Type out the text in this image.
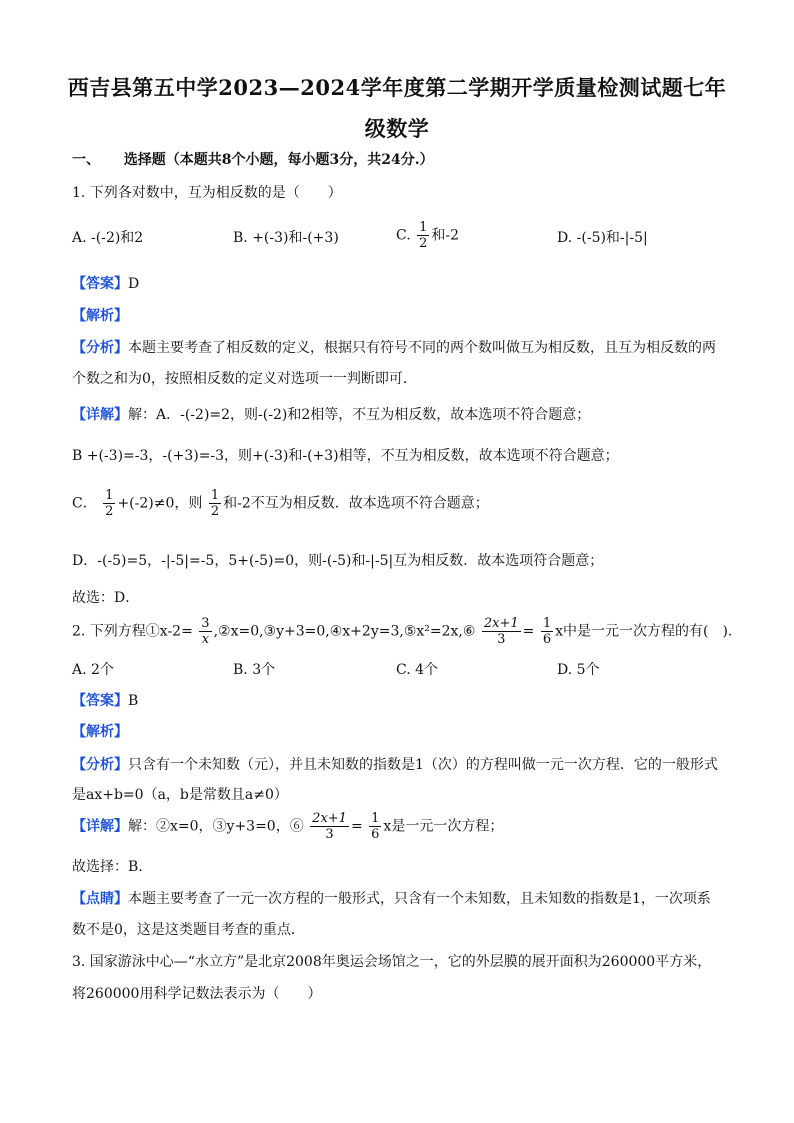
西吉县第五中学2023—2024学年度第二学期开学质量检测试题七年
级数学
一、 选择题（本题共8个小题，每小题3分，共24分.）
1. 下列各对数中，互为相反数的是（　　）
A. -(-2)和2	B. +(-3)和-(+3)	C. $\frac{1}{2}$ 和-2	D. -(-5)和-|-5|
【答案】D
【解析】
【分析】本题主要考查了相反数的定义，根据只有符号不同的两个数叫做互为相反数，且互为相反数的两
个数之和为0，按照相反数的定义对选项一一判断即可．
【详解】解：A．-(-2)=2，则-(-2)和2相等，不互为相反数，故本选项不符合题意；
B +(-3)=-3，-(+3)=-3，则+(-3)和-(+3)相等，不互为相反数，故本选项不符合题意；
C． $\frac{1}{2} +(-2)\ne 0$，则 $\frac{1}{2}$ 和-2不互为相反数．故本选项不符合题意；
D．-(-5)=5，-|-5|=-5，5+(-5)=0，则-(-5)和-|-5|互为相反数．故本选项符合题意；
故选：D．
2. 下列方程①x-2= $\frac{3}{x}$ ,②x=0,③y+3=0,④x+2y=3,⑤x²=2x,⑥ $\frac{2x+1}{3} = \frac{1}{6}$ x中是一元一次方程的有(　).
A. 2个	B. 3个	C. 4个	D. 5个
【答案】B
【解析】
【分析】只含有一个未知数（元），并且未知数的指数是1（次）的方程叫做一元一次方程．它的一般形式
是ax+b=0（a，b是常数且a≠0）
【详解】解：②x=0，③y+3=0，⑥ $\frac{2x+1}{3} = \frac{1}{6}$ x是一元一次方程；
故选择：B.
【点睛】本题主要考查了一元一次方程的一般形式，只含有一个未知数，且未知数的指数是1，一次项系
数不是0，这是这类题目考查的重点．
3. 国家游泳中心—“水立方”是北京2008年奥运会场馆之一，它的外层膜的展开面积为260000平方米，
将260000用科学记数法表示为（　　）
